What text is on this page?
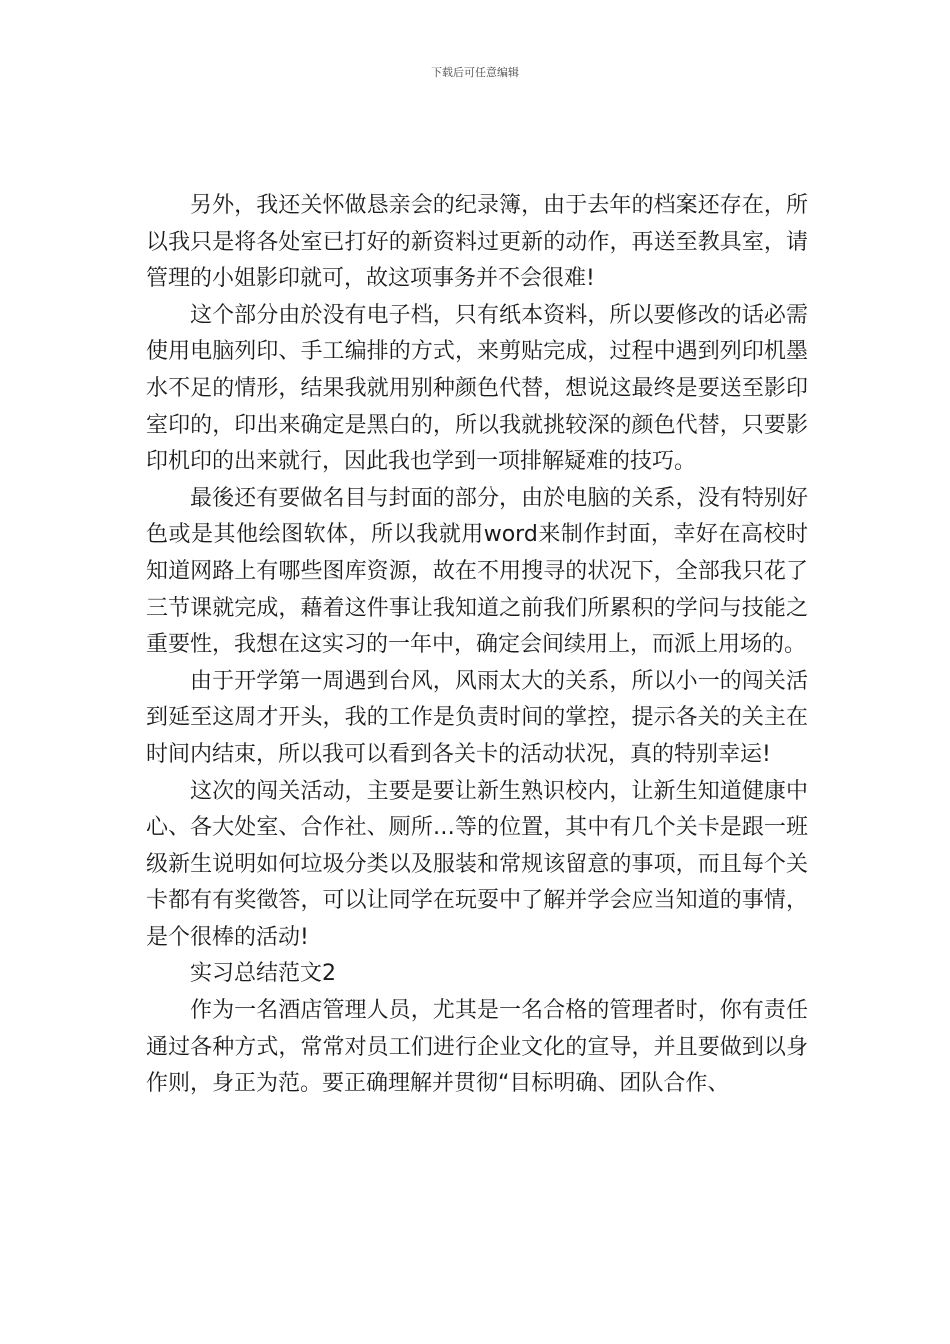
下载后可任意编辑

另外，我还关怀做恳亲会的纪录簿，由于去年的档案还存在，所以我只是将各处室已打好的新资料过更新的动作，再送至教具室，请管理的小姐影印就可，故这项事务并不会很难!

这个部分由於没有电子档，只有纸本资料，所以要修改的话必需使用电脑列印、手工编排的方式，来剪贴完成，过程中遇到列印机墨水不足的情形，结果我就用别种颜色代替，想说这最终是要送至影印室印的，印出来确定是黑白的，所以我就挑较深的颜色代替，只要影印机印的出来就行，因此我也学到一项排解疑难的技巧。

最後还有要做名目与封面的部分，由於电脑的关系，没有特别好色或是其他绘图软体，所以我就用word来制作封面，幸好在高校时知道网路上有哪些图库资源，故在不用搜寻的状况下，全部我只花了三节课就完成，藉着这件事让我知道之前我们所累积的学问与技能之重要性，我想在这实习的一年中，确定会间续用上，而派上用场的。

由于开学第一周遇到台风，风雨太大的关系，所以小一的闯关活到延至这周才开头，我的工作是负责时间的掌控，提示各关的关主在时间内结束，所以我可以看到各关卡的活动状况，真的特别幸运!

这次的闯关活动，主要是要让新生熟识校内，让新生知道健康中心、各大处室、合作社、厕所…等的位置，其中有几个关卡是跟一班级新生说明如何垃圾分类以及服装和常规该留意的事项，而且每个关卡都有有奖徵答，可以让同学在玩耍中了解并学会应当知道的事情，是个很棒的活动!

实习总结范文2

作为一名酒店管理人员，尤其是一名合格的管理者时，你有责任通过各种方式，常常对员工们进行企业文化的宣导，并且要做到以身作则，身正为范。要正确理解并贯彻“目标明确、团队合作、
